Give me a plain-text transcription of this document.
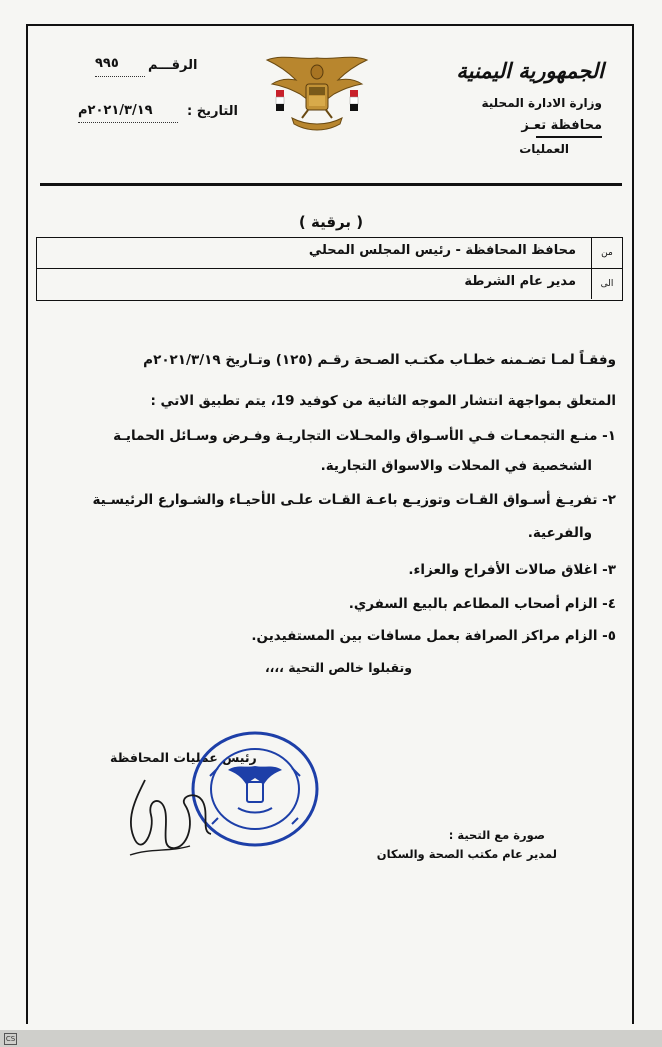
الجمهورية اليمنية
وزارة الادارة المحلية
محافظة تعـز
العمليات
الرقـــم
٩٩٥
التاريخ :
٢٠٢١/٣/١٩م
( برقية )
من
محافظ المحافظة - رئيس المجلس المحلي
الى
مدير عام الشرطة
وفقـاً لمـا تضـمنه خطـاب مكتـب الصـحة رقـم (١٢٥) وتـاريخ ٢٠٢١/٣/١٩م
المتعلق بمواجهة انتشار الموجه الثانية من كوفيد 19، يتم تطبيق الاتي :
١- منـع التجمعـات فـي الأسـواق والمحـلات التجاريـة وفـرض وسـائل الحمايـة
الشخصية في المحلات والاسواق التجارية.
٢- تفريـغ أسـواق القـات وتوزيـع باعـة القـات علـى الأحيـاء والشـوارع الرئيسـية
والفرعية.
٣- اغلاق صالات الأفراح والعزاء.
٤- الزام أصحاب المطاعم بالبيع السفري.
٥- الزام مراكز الصرافة بعمل مسافات بين المستفيدين.
وتقبلوا خالص التحية ،،،،
رئيس عمليات المحافظة
صورة مع التحية :
لمدير عام مكتب الصحة والسكان
CS
